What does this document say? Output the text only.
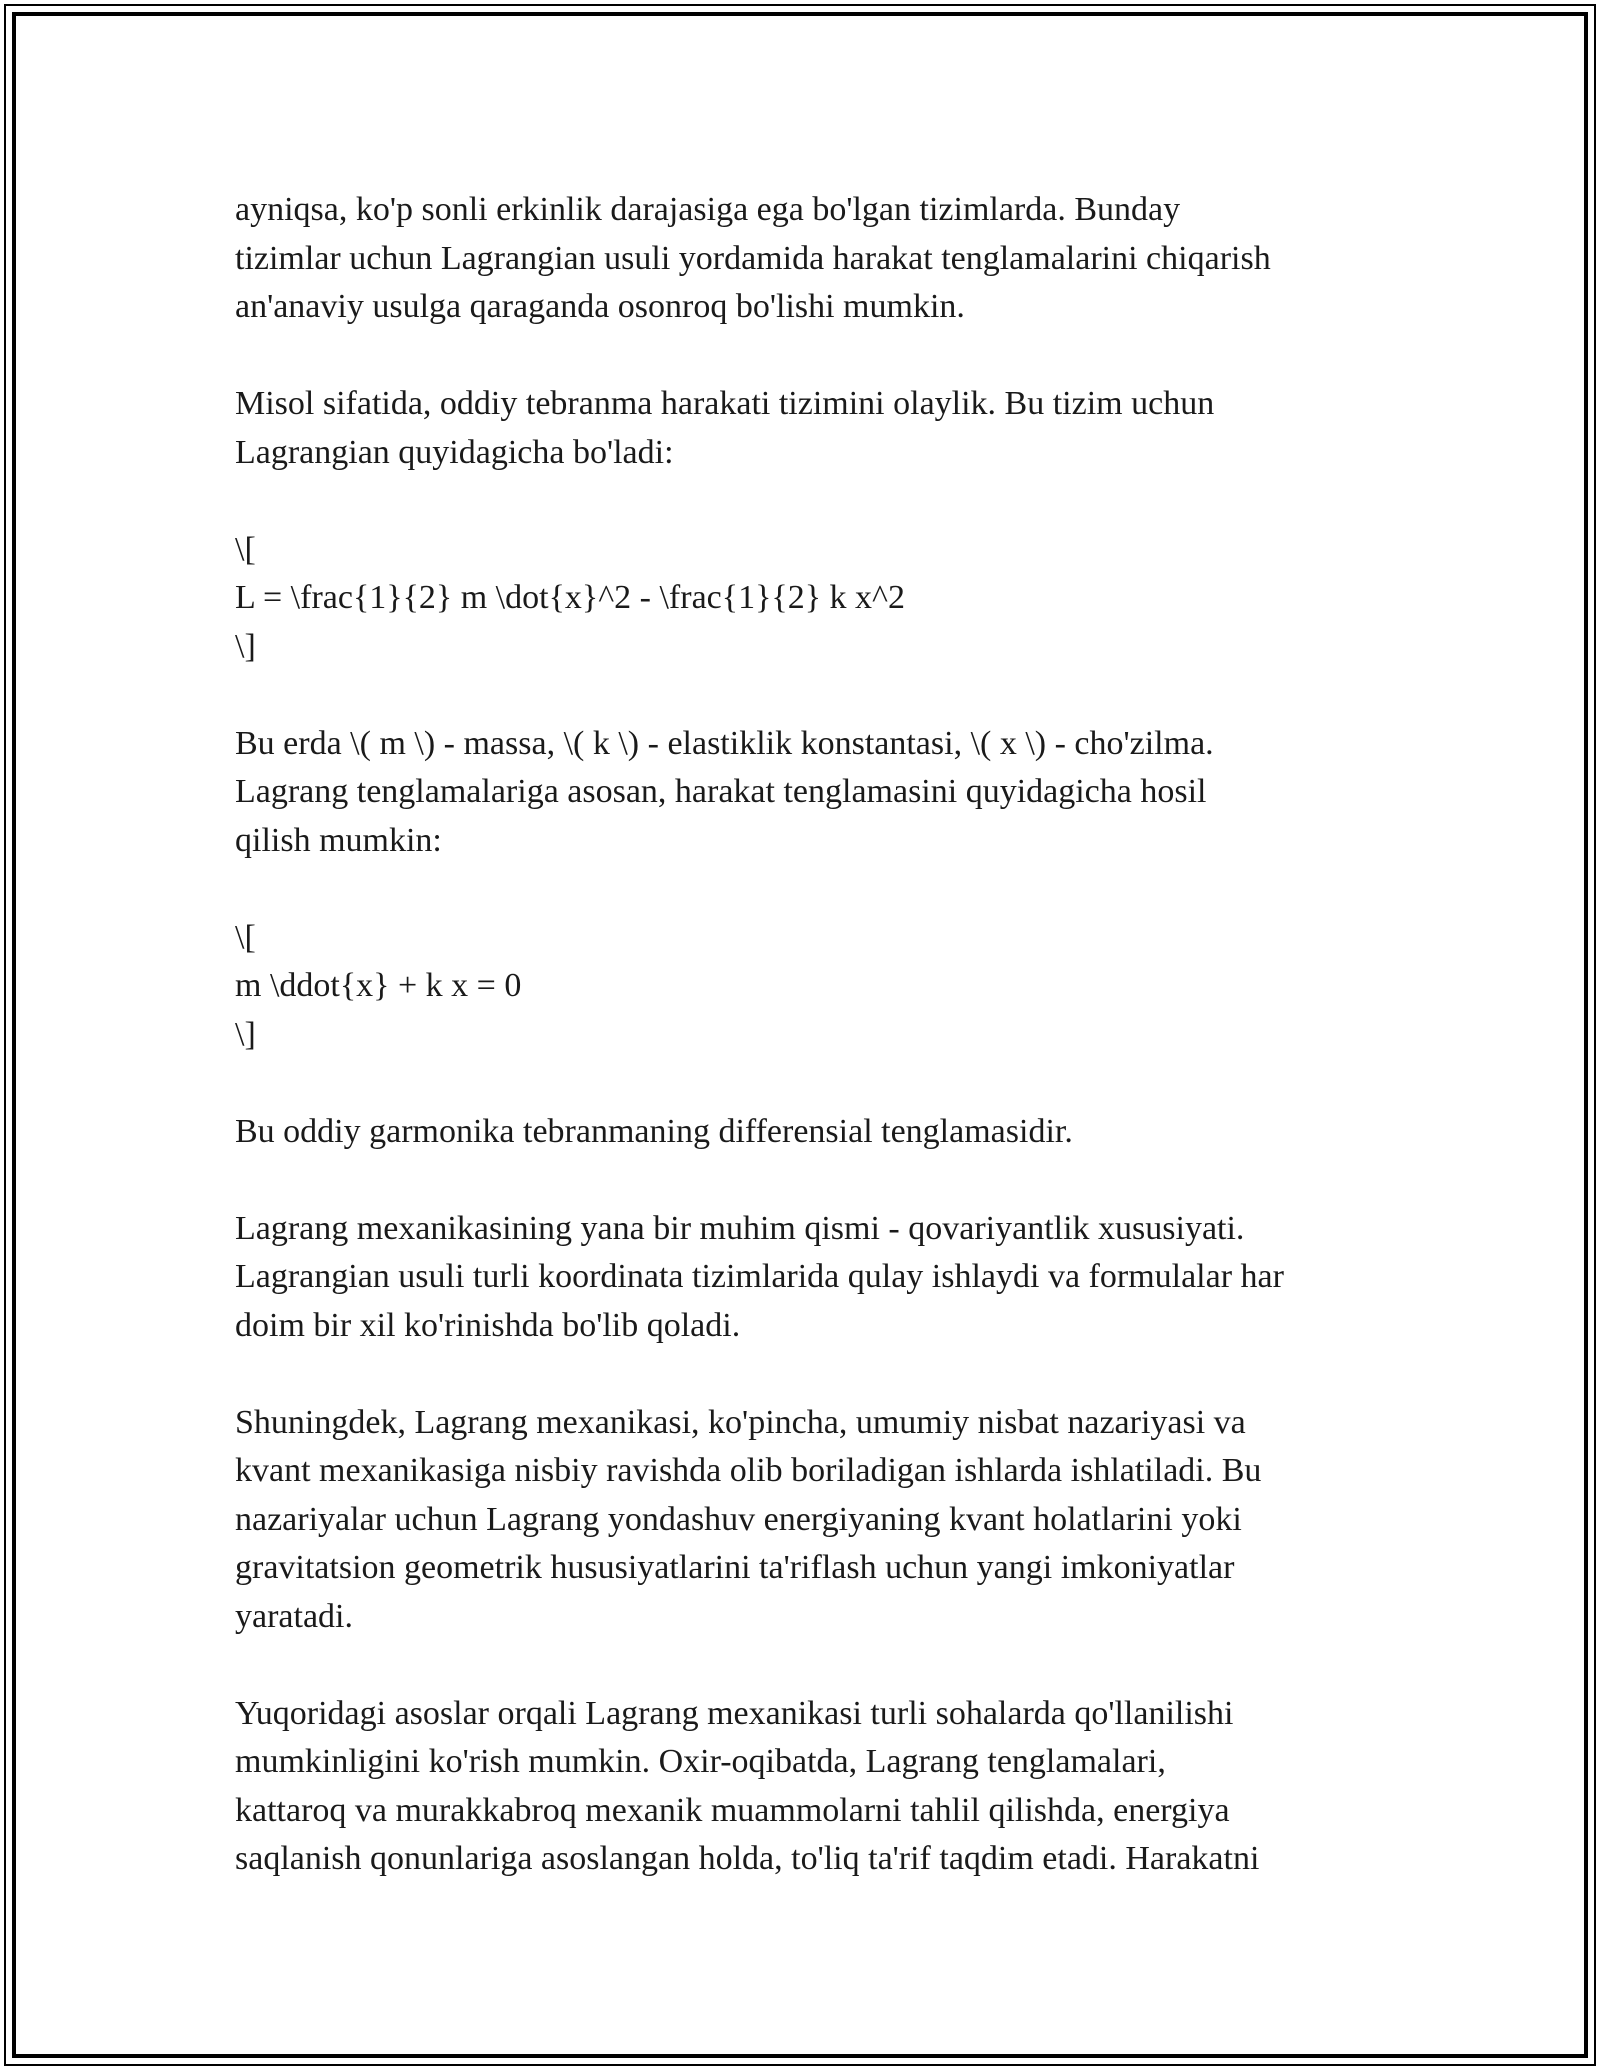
ayniqsa, ko'p sonli erkinlik darajasiga ega bo'lgan tizimlarda. Bunday
tizimlar uchun Lagrangian usuli yordamida harakat tenglamalarini chiqarish
an'anaviy usulga qaraganda osonroq bo'lishi mumkin.

Misol sifatida, oddiy tebranma harakati tizimini olaylik. Bu tizim uchun
Lagrangian quyidagicha bo'ladi:

\[
L = \frac{1}{2} m \dot{x}^2 - \frac{1}{2} k x^2
\]

Bu erda \( m \) - massa, \( k \) - elastiklik konstantasi, \( x \) - cho'zilma.
Lagrang tenglamalariga asosan, harakat tenglamasini quyidagicha hosil
qilish mumkin:

\[
m \ddot{x} + k x = 0
\]

Bu oddiy garmonika tebranmaning differensial tenglamasidir.

Lagrang mexanikasining yana bir muhim qismi - qovariyantlik xususiyati.
Lagrangian usuli turli koordinata tizimlarida qulay ishlaydi va formulalar har
doim bir xil ko'rinishda bo'lib qoladi.

Shuningdek, Lagrang mexanikasi, ko'pincha, umumiy nisbat nazariyasi va
kvant mexanikasiga nisbiy ravishda olib boriladigan ishlarda ishlatiladi. Bu
nazariyalar uchun Lagrang yondashuv energiyaning kvant holatlarini yoki
gravitatsion geometrik hususiyatlarini ta'riflash uchun yangi imkoniyatlar
yaratadi.

Yuqoridagi asoslar orqali Lagrang mexanikasi turli sohalarda qo'llanilishi
mumkinligini ko'rish mumkin. Oxir-oqibatda, Lagrang tenglamalari,
kattaroq va murakkabroq mexanik muammolarni tahlil qilishda, energiya
saqlanish qonunlariga asoslangan holda, to'liq ta'rif taqdim etadi. Harakatni
